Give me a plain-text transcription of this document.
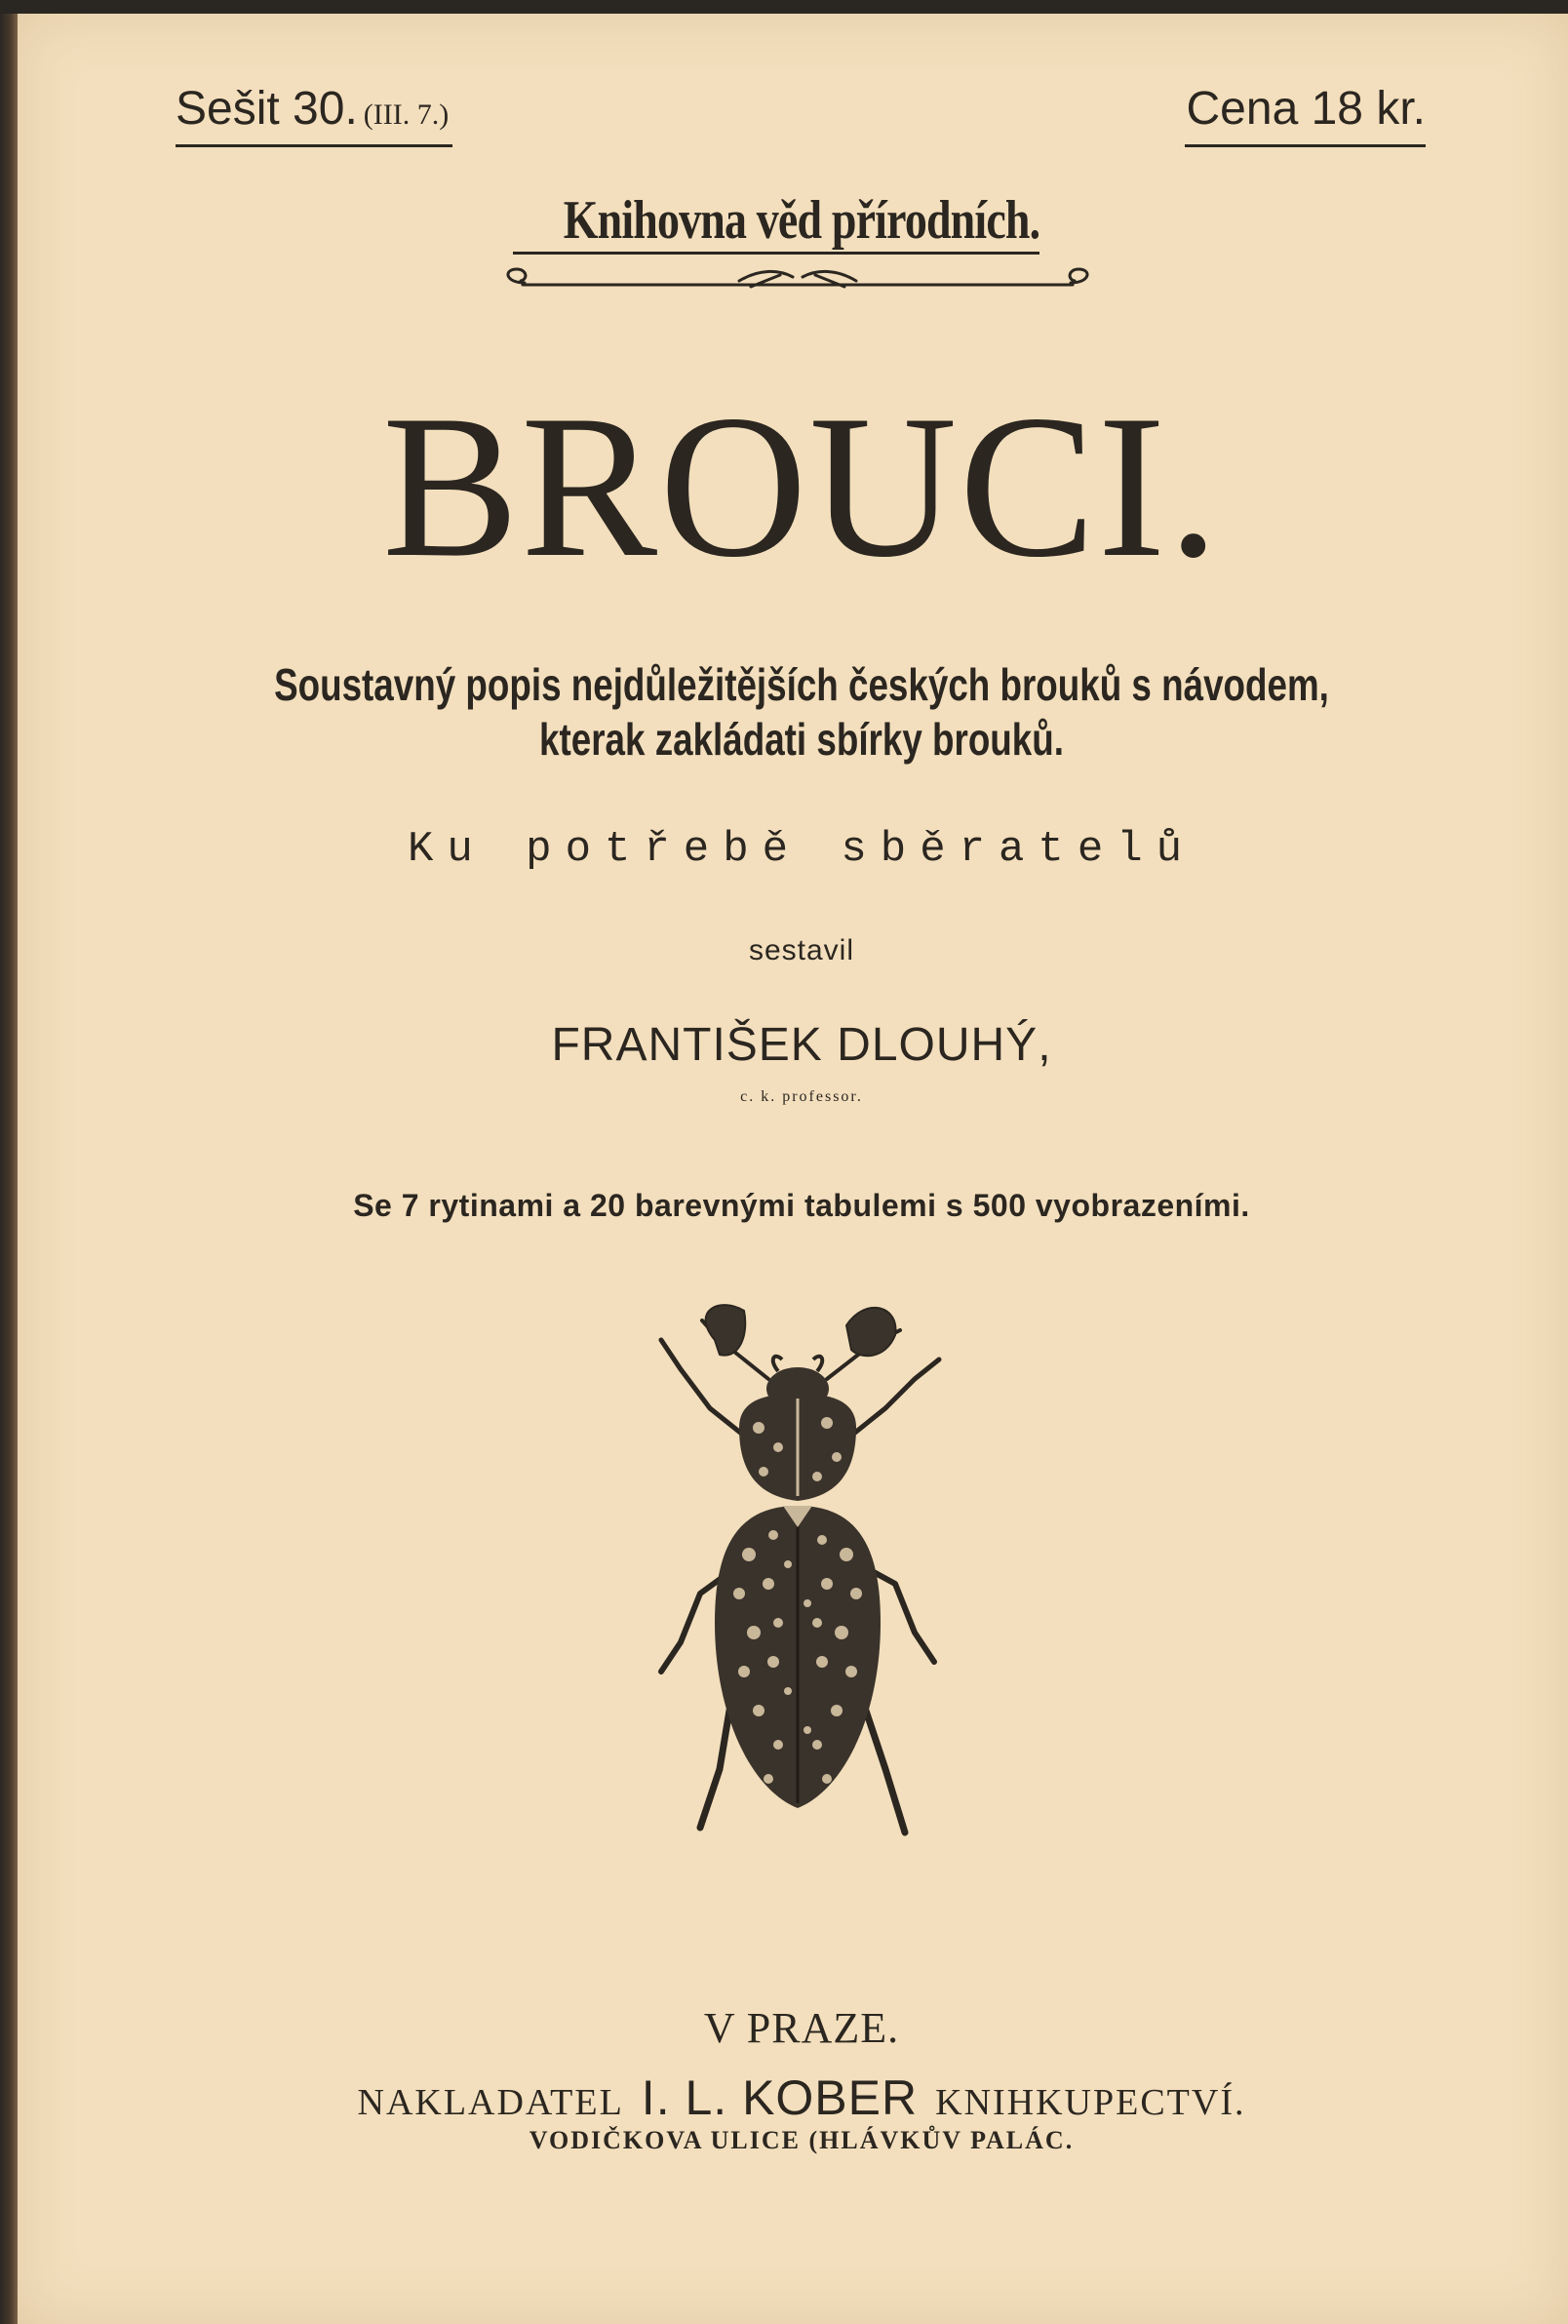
Sešit 30. (III. 7.)	Cena 18 kr.
Knihovna věd přírodních.
BROUCI.
Soustavný popis nejdůležitějších českých brouků s návodem,
kterak zakládati sbírky brouků.
Ku potřebě sběratelů
sestavil
FRANTIŠEK DLOUHÝ,
c. k. professor.
Se 7 rytinami a 20 barevnými tabulemi s 500 vyobrazeními.
V PRAZE.
NAKLADATEL I. L. KOBER KNIHKUPECTVÍ.
VODIČKOVA ULICE (HLÁVKŮV PALÁC.
